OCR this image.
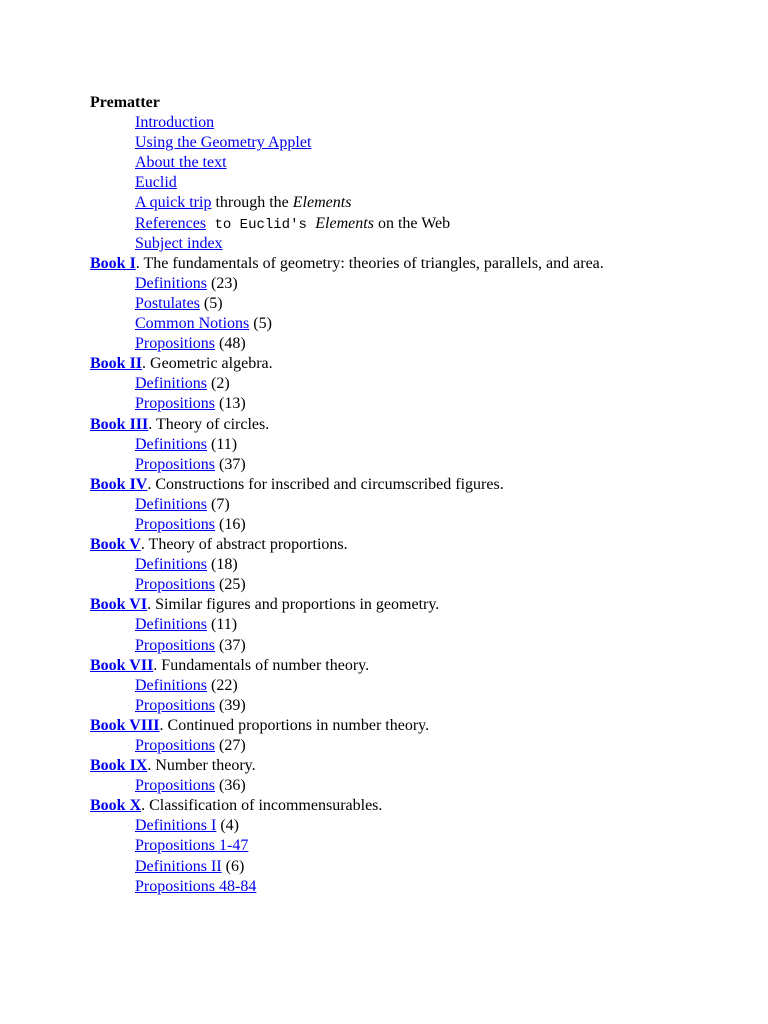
Prematter
Introduction
Using the Geometry Applet
About the text
Euclid
A quick trip through the Elements
References to Euclid's Elements on the Web
Subject index
Book I. The fundamentals of geometry: theories of triangles, parallels, and area.
Definitions (23)
Postulates (5)
Common Notions (5)
Propositions (48)
Book II. Geometric algebra.
Definitions (2)
Propositions (13)
Book III. Theory of circles.
Definitions (11)
Propositions (37)
Book IV. Constructions for inscribed and circumscribed figures.
Definitions (7)
Propositions (16)
Book V. Theory of abstract proportions.
Definitions (18)
Propositions (25)
Book VI. Similar figures and proportions in geometry.
Definitions (11)
Propositions (37)
Book VII. Fundamentals of number theory.
Definitions (22)
Propositions (39)
Book VIII. Continued proportions in number theory.
Propositions (27)
Book IX. Number theory.
Propositions (36)
Book X. Classification of incommensurables.
Definitions I (4)
Propositions 1-47
Definitions II (6)
Propositions 48-84
